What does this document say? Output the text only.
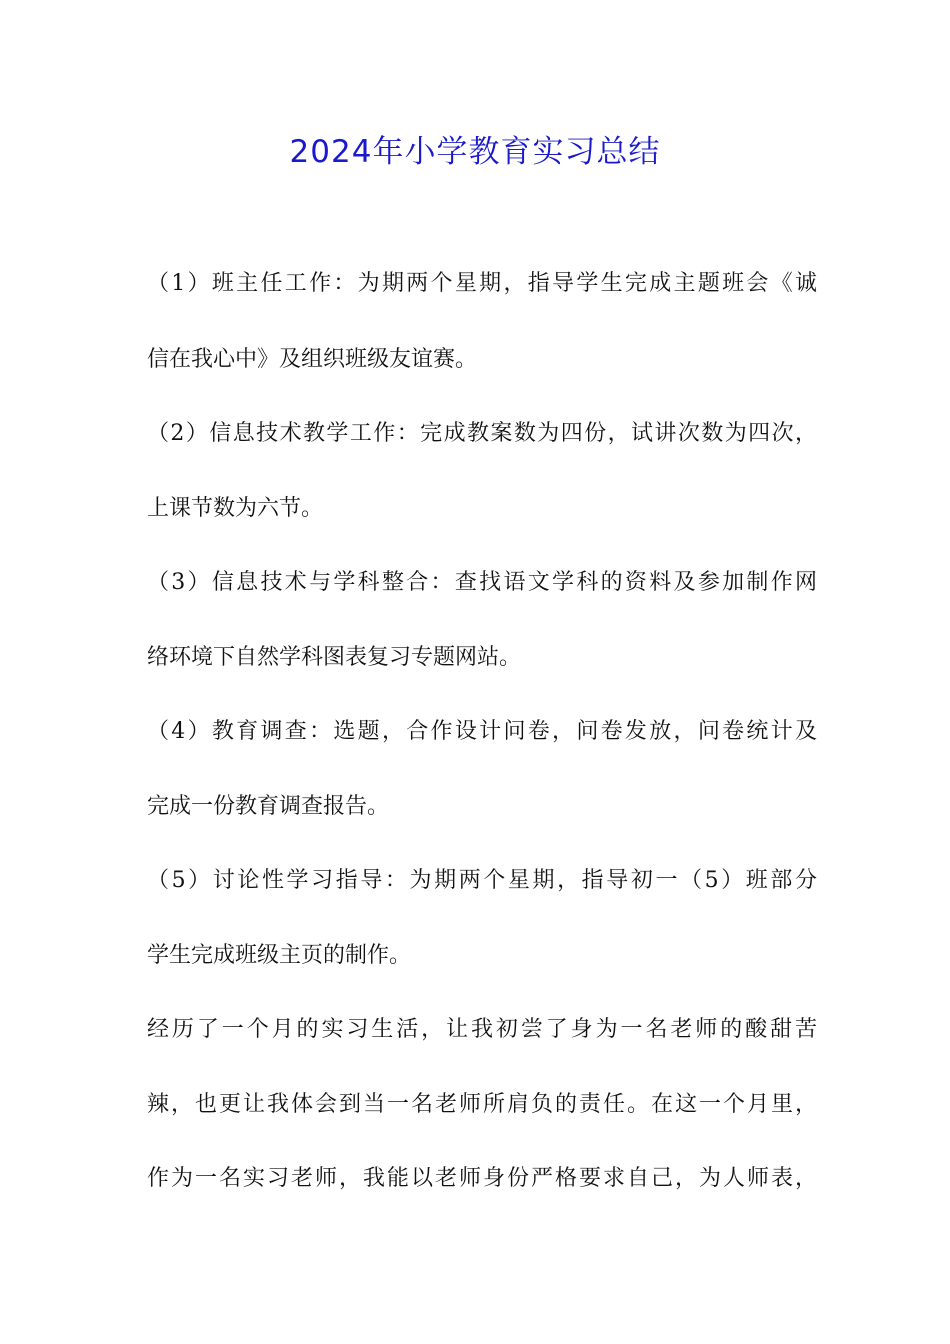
2024年小学教育实习总结
（1）班主任工作：为期两个星期，指导学生完成主题班会《诚
信在我心中》及组织班级友谊赛。
（2）信息技术教学工作：完成教案数为四份，试讲次数为四次，
上课节数为六节。
（3）信息技术与学科整合：查找语文学科的资料及参加制作网
络环境下自然学科图表复习专题网站。
（4）教育调查：选题，合作设计问卷，问卷发放，问卷统计及
完成一份教育调查报告。
（5）讨论性学习指导：为期两个星期，指导初一（5）班部分
学生完成班级主页的制作。
经历了一个月的实习生活，让我初尝了身为一名老师的酸甜苦
辣，也更让我体会到当一名老师所肩负的责任。在这一个月里，
作为一名实习老师，我能以老师身份严格要求自己，为人师表，
